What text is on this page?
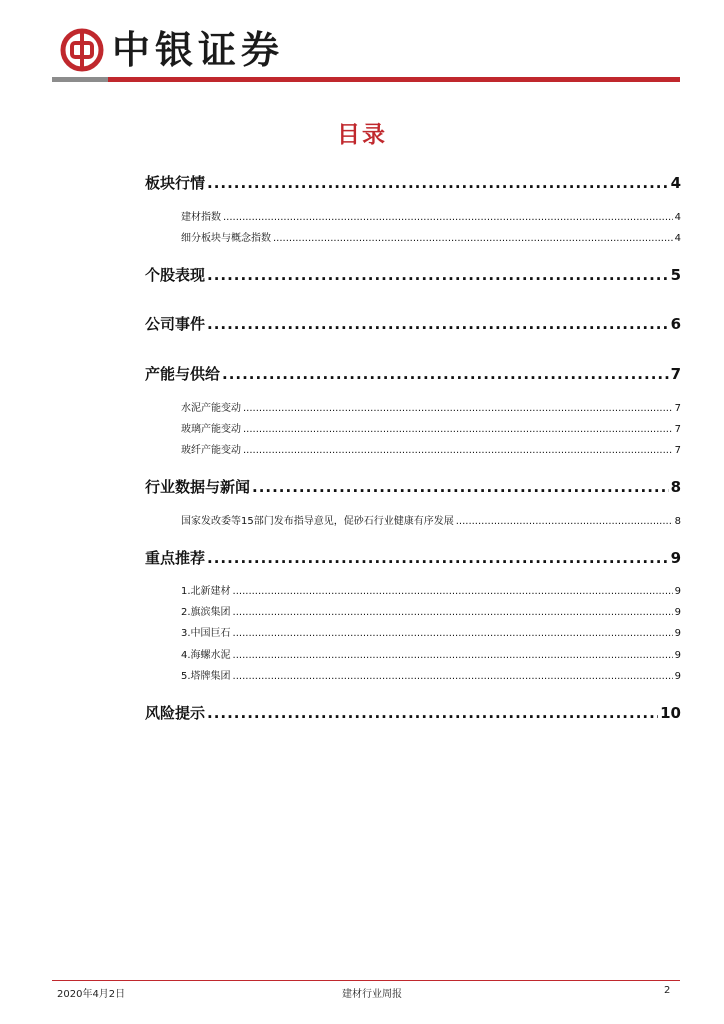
中银证券
目录
板块行情 .....	4
建材指数 .....	4
细分板块与概念指数 .....	4
个股表现 .....	5
公司事件 .....	6
产能与供给 .....	7
水泥产能变动 .....	7
玻璃产能变动 .....	7
玻纤产能变动 .....	7
行业数据与新闻 .....	8
国家发改委等15部门发布指导意见，促砂石行业健康有序发展 .....	8
重点推荐 .....	9
1.北新建材 .....	9
2.旗滨集团 .....	9
3.中国巨石 .....	9
4.海螺水泥 .....	9
5.塔牌集团 .....	9
风险提示 .....	10
2020年4月2日	建材行业周报	2
